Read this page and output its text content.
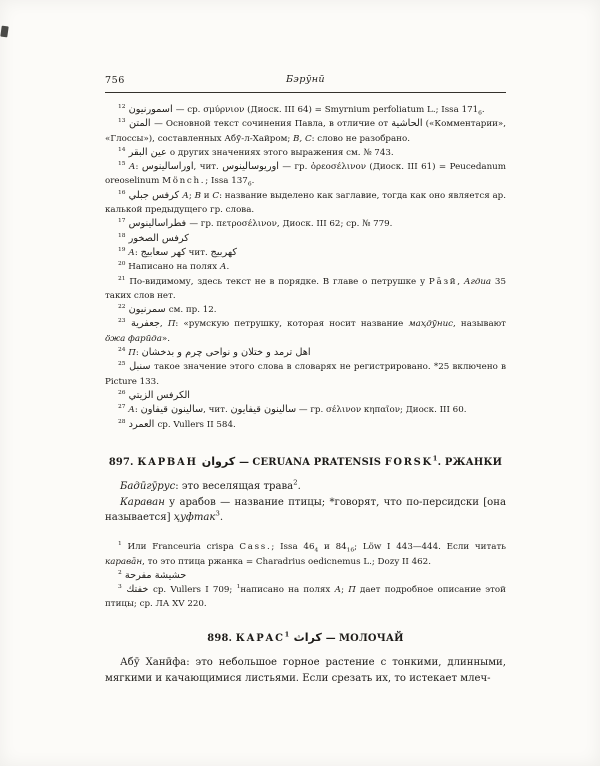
756	Бэрӯнӣ

$^{12}$ اسمورنيون — ср. σμύρνιον (Диоск. III 64) = Smyrnium perfoliatum L.; Issa $171_6$.

$^{13}$ المتن — Основной текст сочинения Павла, в отличие от الحاشية («Комментарии», «Глоссы»), составленных Абӯ-л-Хайром; В, С: слово не разобрано.

$^{14}$ عين البقر о других значениях этого выражения см. № 743.

$^{15}$ А: اوراسالينوس, чит. اوريوسالينوس — гр. ὀρεοσέλινον (Диоск. III 61) = Peucedanum oreoselinum Mönch.; Issa $137_6$.

$^{16}$ كرفس جبلي А; В и С: название выделено как заглавие, тогда как оно является ар. калькой предыдущего гр. слова.

$^{17}$ فطراسالينوس — гр. πετροσέλινον, Диоск. III 62; ср. № 779.

$^{18}$ كرفس الصخور

$^{19}$ А: كهر سعابيج чит. كهربيج

$^{20}$ Написано на полях А.

$^{21}$ По-видимому, здесь текст не в порядке. В главе о петрушке у Рāзӣ, Агдиа 35 таких слов нет.

$^{22}$ سمرنيون см. пр. 12.

$^{23}$ جعفرية, П: «румскую петрушку, которая носит название маҳдӯнис, называют ӧжа фарӣда».

$^{24}$ П: اهل ترمد و ختلان و نواحى چرم و بدخشان

$^{25}$ سنبل такое значение этого слова в словарях не регистрировано. *25 включено в Picture 133.

$^{26}$ الكرفس الزيتي

$^{27}$ А: سالينون قيفاون, чит. سالينون قيفايون — гр. σέλινον κηπαῖον; Диоск. III 60.

$^{28}$ العمرد ср. Vullers II 584.

897. КАРВАН كروان — CERUANA PRATENSIS FORSK$^1$. РЖАНКИ

Бадӣгӯрус: это веселящая трава$^2$.

Караван у арабов — название птицы; *говорят, что по-персидски [она называется] ҳуфтак$^3$.

$^1$ Или Franceuria crispa Cass.; Issa $46_4$ и $84_{16}$; Löw I 443—444. Если читать каравāн, то это птица ржанка = Charadrius oedicnemus L.; Dozy II 462.

$^2$ حشيشة مفرحة

$^3$ خفتك ср. Vullers I 709; $^1$написано на полях А; П дает подробное описание этой птицы; ср. ЛА XV 220.

898. КАРАС$^1$ كراث — МОЛОЧАЙ

Абӯ Ханӣфа: это небольшое горное растение с тонкими, длинными, мягкими и качающимися листьями. Если срезать их, то истекает млеч-
